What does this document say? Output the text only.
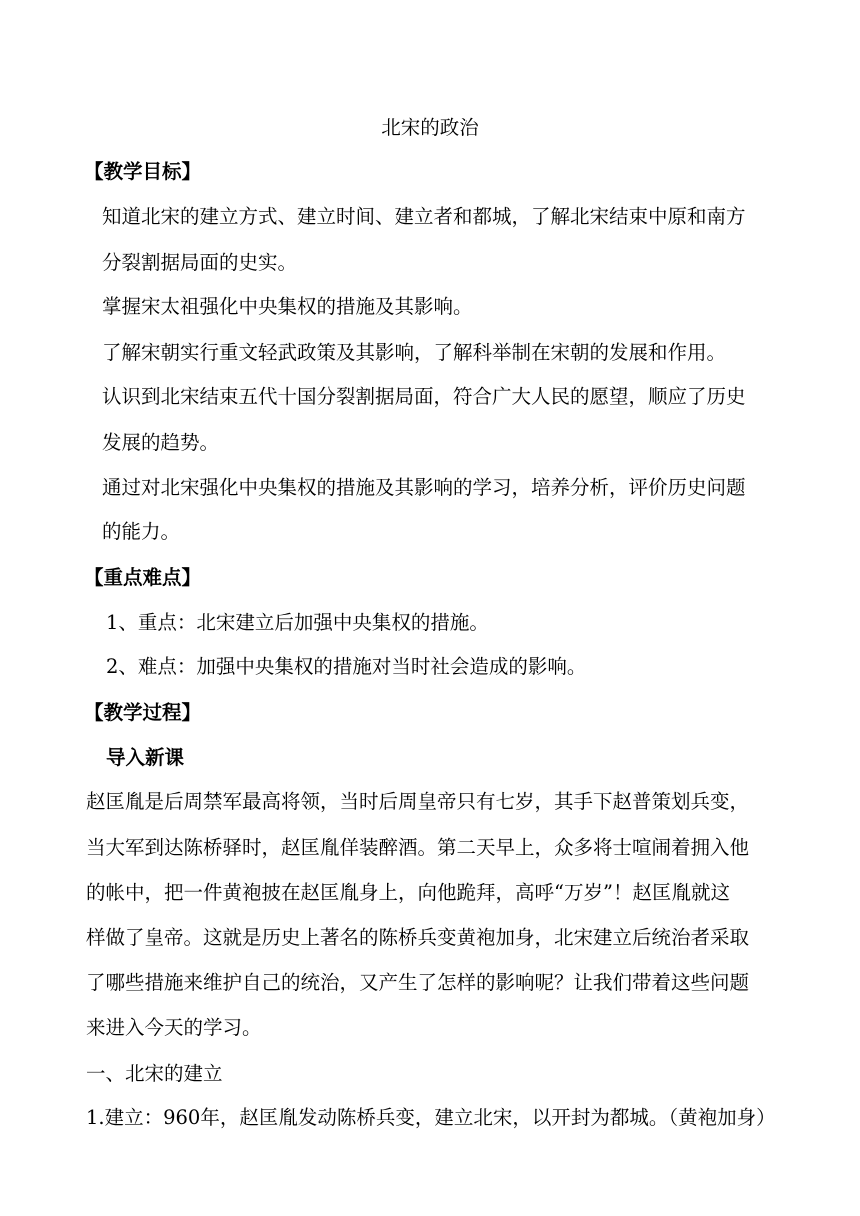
北宋的政治
【教学目标】
知道北宋的建立方式、建立时间、建立者和都城，了解北宋结束中原和南方
分裂割据局面的史实。
掌握宋太祖强化中央集权的措施及其影响。
了解宋朝实行重文轻武政策及其影响，了解科举制在宋朝的发展和作用。
认识到北宋结束五代十国分裂割据局面，符合广大人民的愿望，顺应了历史
发展的趋势。
通过对北宋强化中央集权的措施及其影响的学习，培养分析，评价历史问题
的能力。
【重点难点】
1、重点：北宋建立后加强中央集权的措施。
2、难点：加强中央集权的措施对当时社会造成的影响。
【教学过程】
导入新课
赵匡胤是后周禁军最高将领，当时后周皇帝只有七岁，其手下赵普策划兵变，
当大军到达陈桥驿时，赵匡胤佯装醉酒。第二天早上，众多将士喧闹着拥入他
的帐中，把一件黄袍披在赵匡胤身上，向他跪拜，高呼“万岁”！赵匡胤就这
样做了皇帝。这就是历史上著名的陈桥兵变黄袍加身，北宋建立后统治者采取
了哪些措施来维护自己的统治，又产生了怎样的影响呢？让我们带着这些问题
来进入今天的学习。
一、北宋的建立
1.建立：960年，赵匡胤发动陈桥兵变，建立北宋，以开封为都城。（黄袍加身）
